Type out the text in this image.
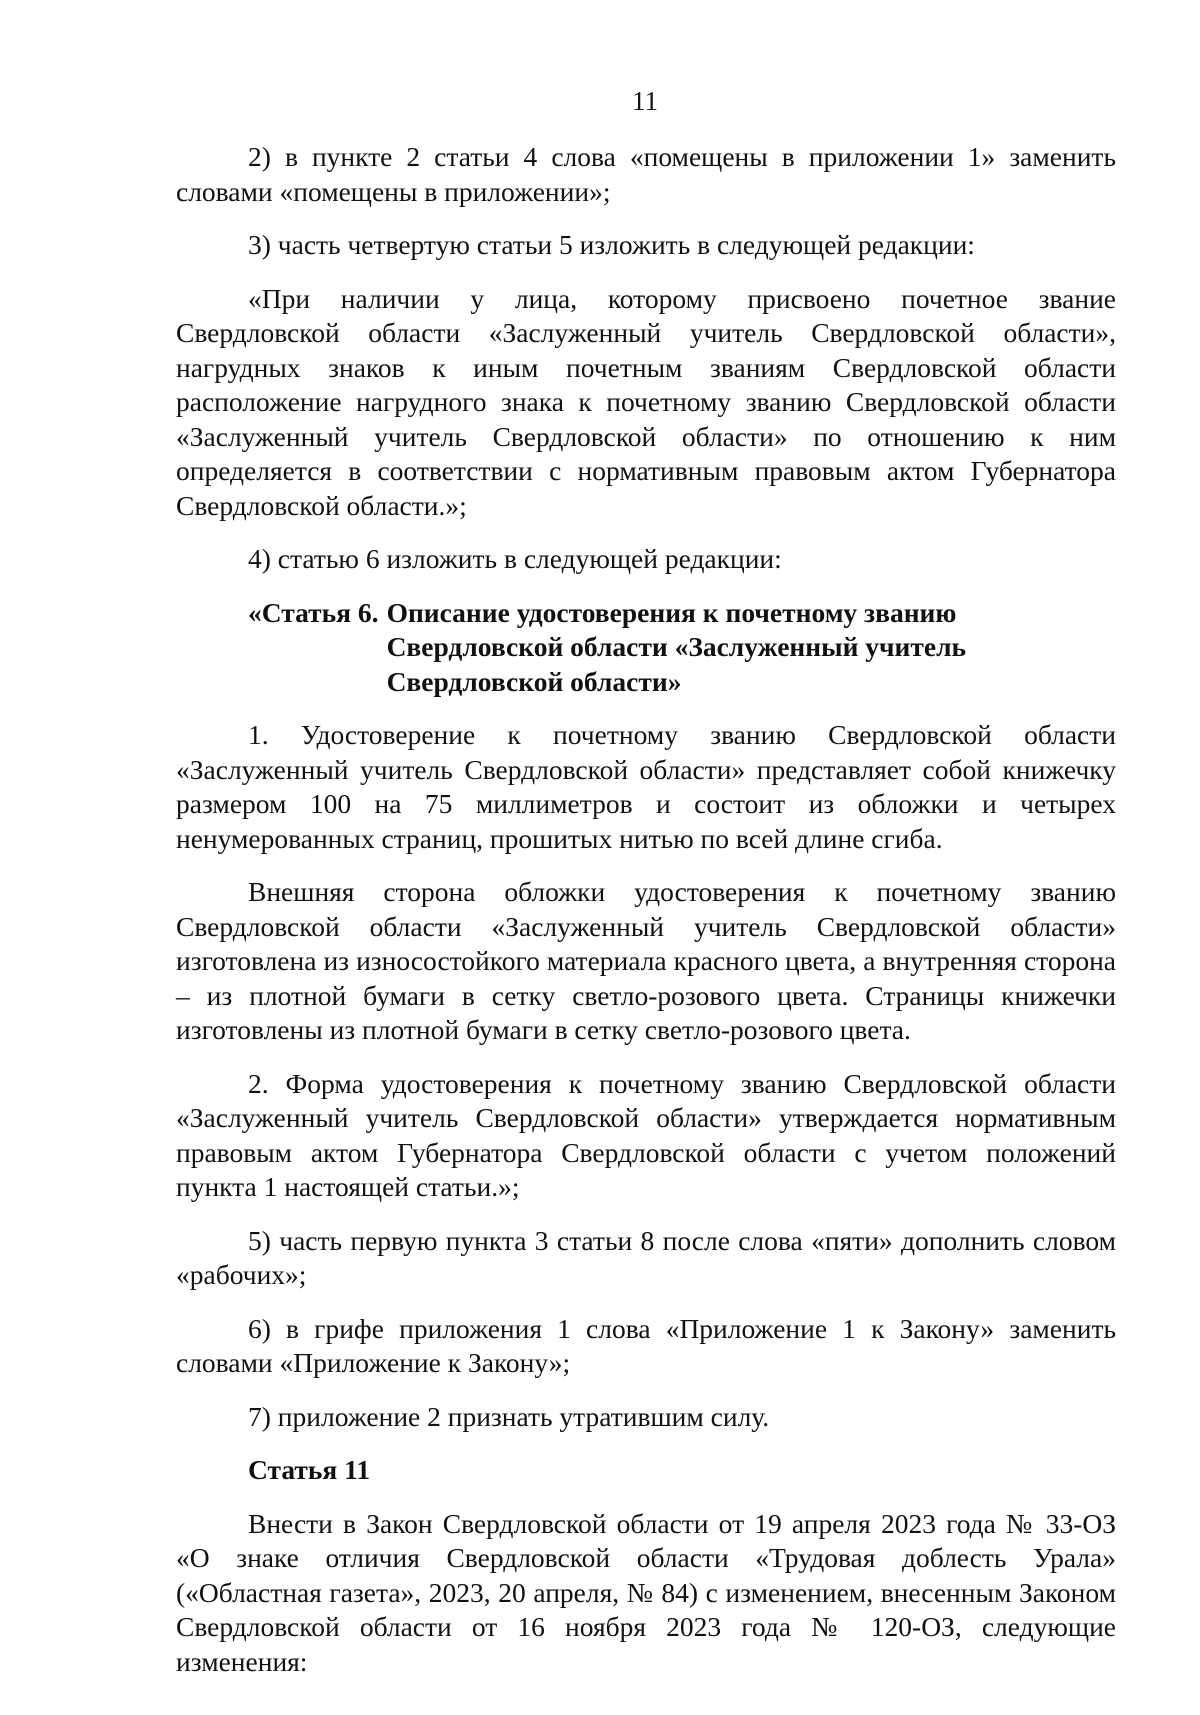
11

2) в пункте 2 статьи 4 слова «помещены в приложении 1» заменить словами «помещены в приложении»;

3) часть четвертую статьи 5 изложить в следующей редакции:

«При наличии у лица, которому присвоено почетное звание Свердловской области «Заслуженный учитель Свердловской области», нагрудных знаков к иным почетным званиям Свердловской области расположение нагрудного знака к почетному званию Свердловской области «Заслуженный учитель Свердловской области» по отношению к ним определяется в соответствии с нормативным правовым актом Губернатора Свердловской области.»;

4) статью 6 изложить в следующей редакции:

«Статья 6. Описание удостоверения к почетному званию Свердловской области «Заслуженный учитель Свердловской области»

1. Удостоверение к почетному званию Свердловской области «Заслуженный учитель Свердловской области» представляет собой книжечку размером 100 на 75 миллиметров и состоит из обложки и четырех ненумерованных страниц, прошитых нитью по всей длине сгиба.

Внешняя сторона обложки удостоверения к почетному званию Свердловской области «Заслуженный учитель Свердловской области» изготовлена из износостойкого материала красного цвета, а внутренняя сторона – из плотной бумаги в сетку светло-розового цвета. Страницы книжечки изготовлены из плотной бумаги в сетку светло-розового цвета.

2. Форма удостоверения к почетному званию Свердловской области «Заслуженный учитель Свердловской области» утверждается нормативным правовым актом Губернатора Свердловской области с учетом положений пункта 1 настоящей статьи.»;

5) часть первую пункта 3 статьи 8 после слова «пяти» дополнить словом «рабочих»;

6) в грифе приложения 1 слова «Приложение 1 к Закону» заменить словами «Приложение к Закону»;

7) приложение 2 признать утратившим силу.

Статья 11

Внести в Закон Свердловской области от 19 апреля 2023 года № 33-ОЗ «О знаке отличия Свердловской области «Трудовая доблесть Урала» («Областная газета», 2023, 20 апреля, № 84) с изменением, внесенным Законом Свердловской области от 16 ноября 2023 года № 120-ОЗ, следующие изменения:
